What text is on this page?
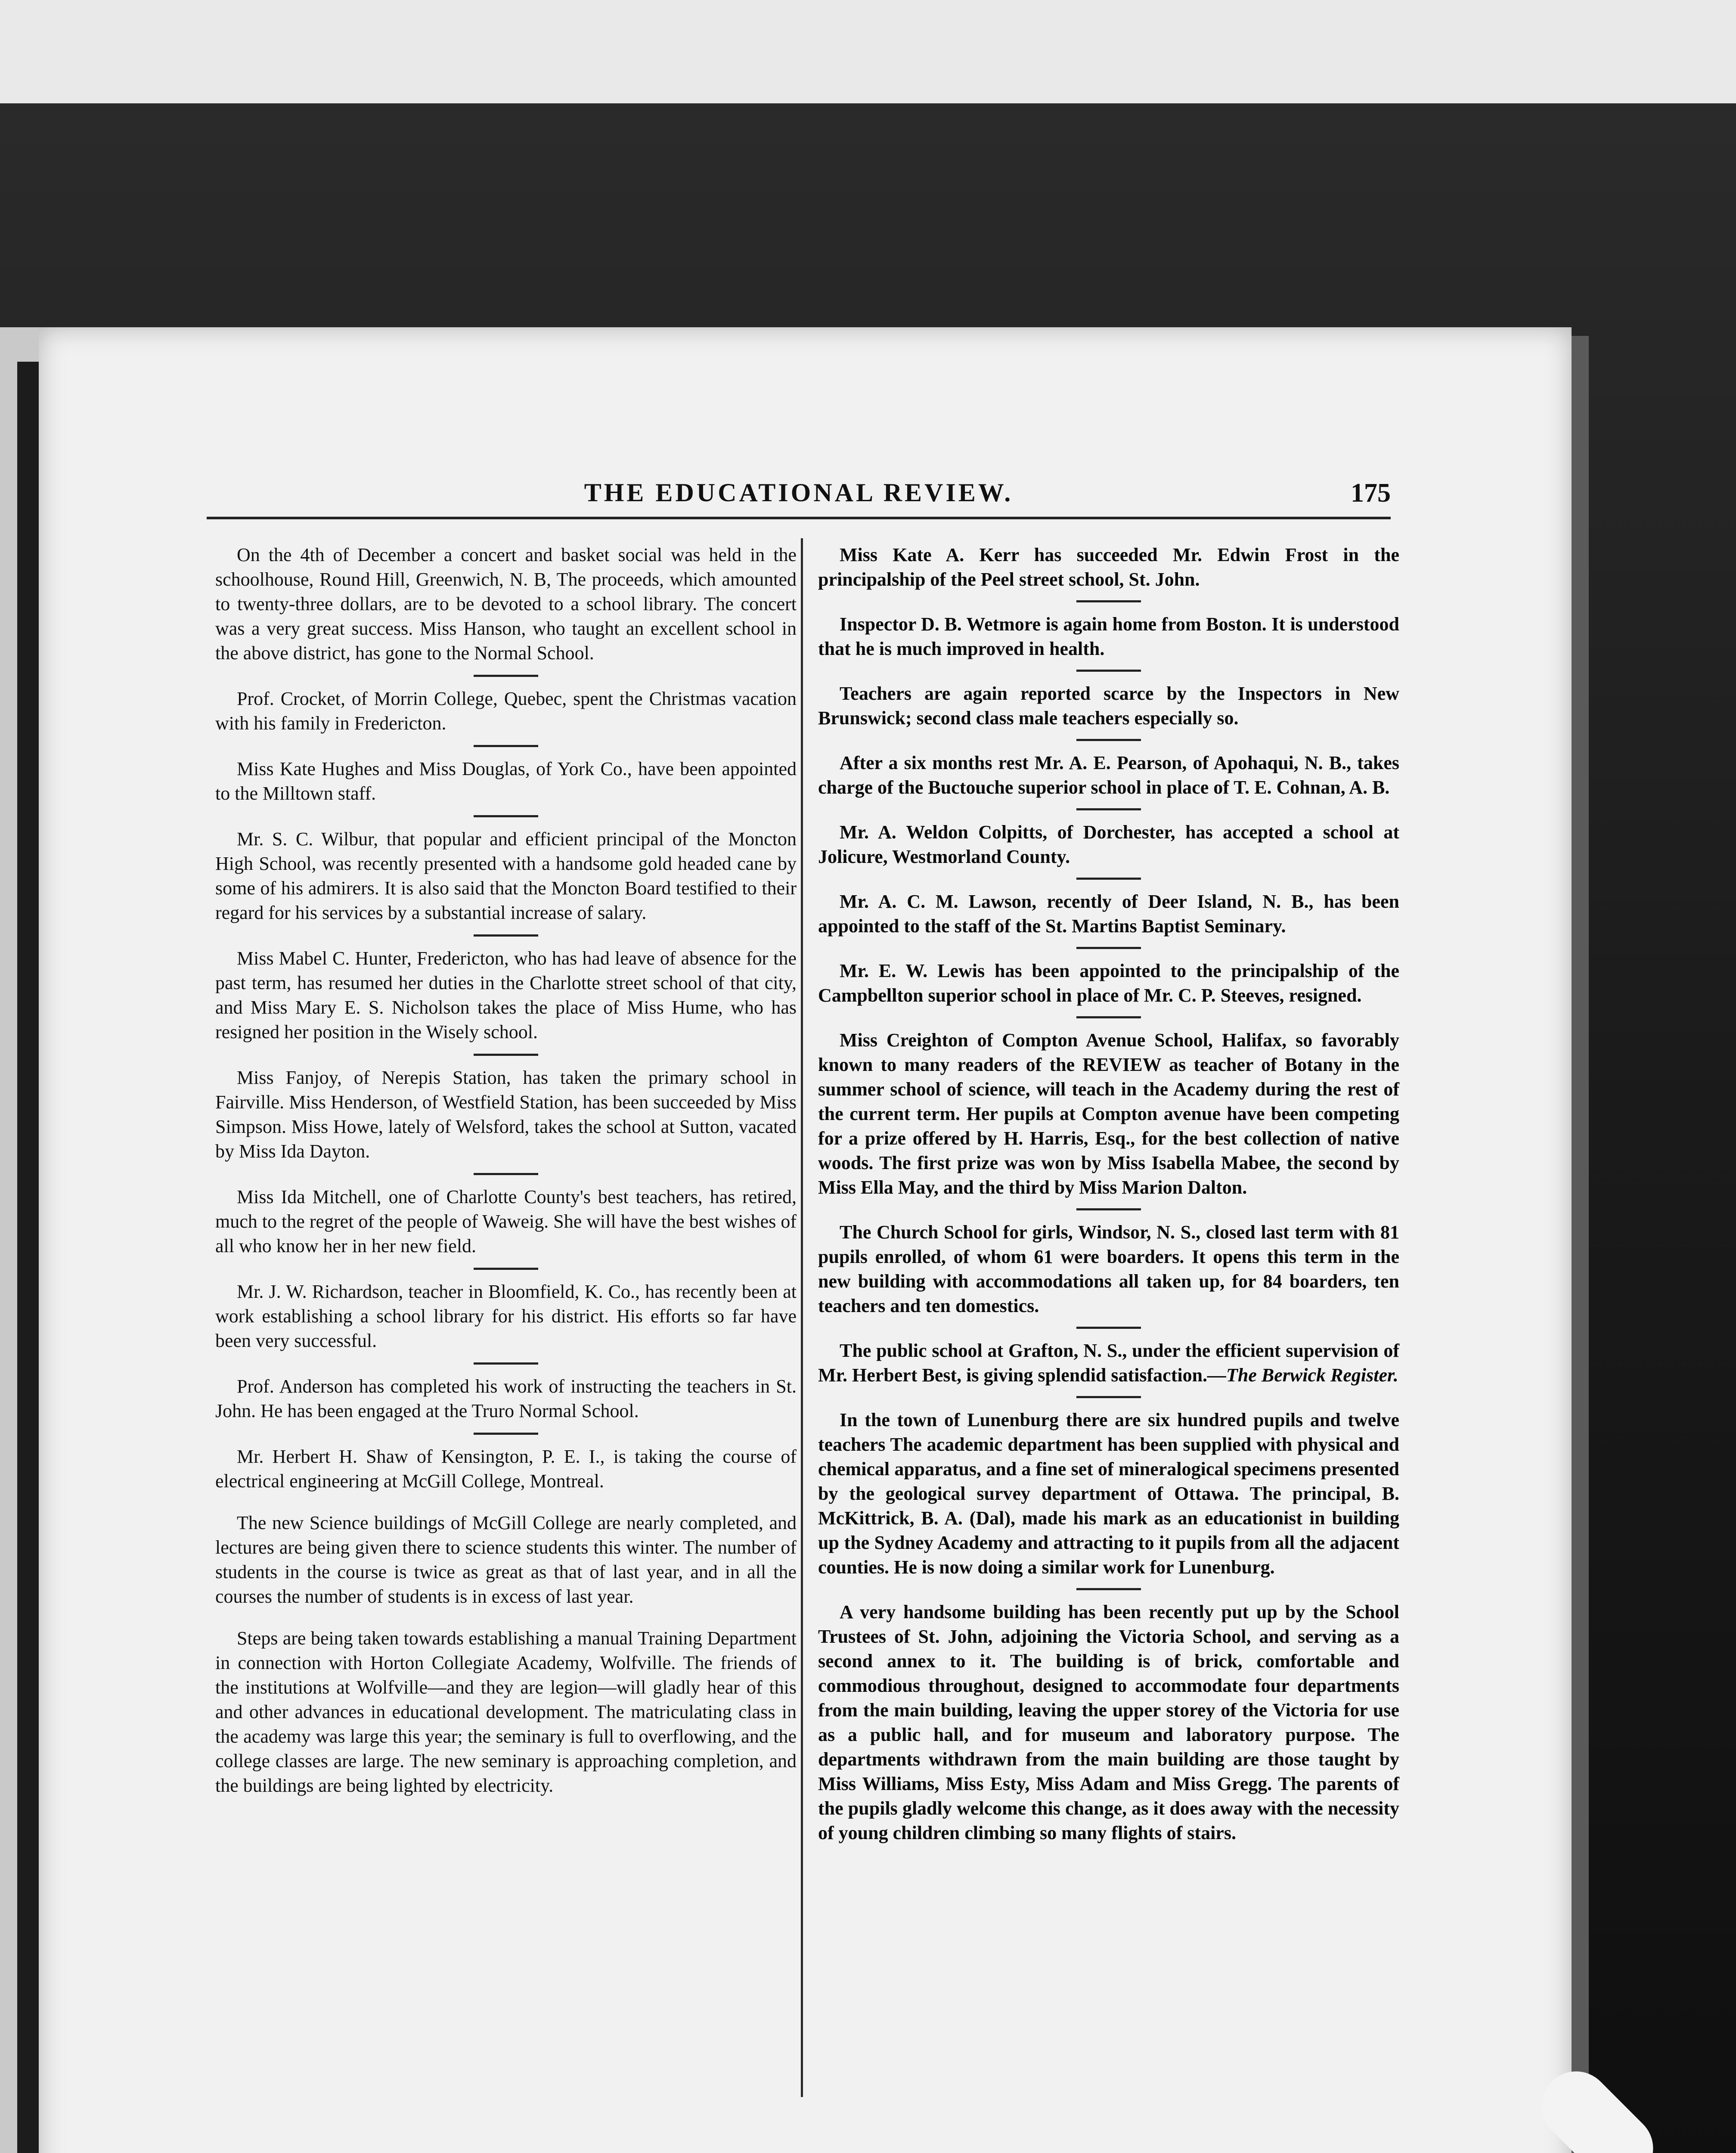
THE EDUCATIONAL REVIEW.	175

On the 4th of December a concert and basket social was held in the schoolhouse, Round Hill, Greenwich, N. B, The proceeds, which amounted to twenty-three dollars, are to be devoted to a school library. The concert was a very great success. Miss Hanson, who taught an excellent school in the above district, has gone to the Normal School.

Prof. Crocket, of Morrin College, Quebec, spent the Christmas vacation with his family in Fredericton.

Miss Kate Hughes and Miss Douglas, of York Co., have been appointed to the Milltown staff.

Mr. S. C. Wilbur, that popular and efficient principal of the Moncton High School, was recently presented with a handsome gold headed cane by some of his admirers. It is also said that the Moncton Board testified to their regard for his services by a substantial increase of salary.

Miss Mabel C. Hunter, Fredericton, who has had leave of absence for the past term, has resumed her duties in the Charlotte street school of that city, and Miss Mary E. S. Nicholson takes the place of Miss Hume, who has resigned her position in the Wisely school.

Miss Fanjoy, of Nerepis Station, has taken the primary school in Fairville. Miss Henderson, of Westfield Station, has been succeeded by Miss Simpson. Miss Howe, lately of Welsford, takes the school at Sutton, vacated by Miss Ida Dayton.

Miss Ida Mitchell, one of Charlotte County's best teachers, has retired, much to the regret of the people of Waweig. She will have the best wishes of all who know her in her new field.

Mr. J. W. Richardson, teacher in Bloomfield, K. Co., has recently been at work establishing a school library for his district. His efforts so far have been very successful.

Prof. Anderson has completed his work of instructing the teachers in St. John. He has been engaged at the Truro Normal School.

Mr. Herbert H. Shaw of Kensington, P. E. I., is taking the course of electrical engineering at McGill College, Montreal.

The new Science buildings of McGill College are nearly completed, and lectures are being given there to science students this winter. The number of students in the course is twice as great as that of last year, and in all the courses the number of students is in excess of last year.

Steps are being taken towards establishing a manual Training Department in connection with Horton Collegiate Academy, Wolfville. The friends of the institutions at Wolfville—and they are legion—will gladly hear of this and other advances in educational development. The matriculating class in the academy was large this year; the seminary is full to overflowing, and the college classes are large. The new seminary is approaching completion, and the buildings are being lighted by electricity.

Miss Kate A. Kerr has succeeded Mr. Edwin Frost in the principalship of the Peel street school, St. John.

Inspector D. B. Wetmore is again home from Boston. It is understood that he is much improved in health.

Teachers are again reported scarce by the Inspectors in New Brunswick; second class male teachers especially so.

After a six months rest Mr. A. E. Pearson, of Apohaqui, N. B., takes charge of the Buctouche superior school in place of T. E. Cohnan, A. B.

Mr. A. Weldon Colpitts, of Dorchester, has accepted a school at Jolicure, Westmorland County.

Mr. A. C. M. Lawson, recently of Deer Island, N. B., has been appointed to the staff of the St. Martins Baptist Seminary.

Mr. E. W. Lewis has been appointed to the principalship of the Campbellton superior school in place of Mr. C. P. Steeves, resigned.

Miss Creighton of Compton Avenue School, Halifax, so favorably known to many readers of the REVIEW as teacher of Botany in the summer school of science, will teach in the Academy during the rest of the current term. Her pupils at Compton avenue have been competing for a prize offered by H. Harris, Esq., for the best collection of native woods. The first prize was won by Miss Isabella Mabee, the second by Miss Ella May, and the third by Miss Marion Dalton.

The Church School for girls, Windsor, N. S., closed last term with 81 pupils enrolled, of whom 61 were boarders. It opens this term in the new building with accommodations all taken up, for 84 boarders, ten teachers and ten domestics.

The public school at Grafton, N. S., under the efficient supervision of Mr. Herbert Best, is giving splendid satisfaction.—The Berwick Register.

In the town of Lunenburg there are six hundred pupils and twelve teachers The academic department has been supplied with physical and chemical apparatus, and a fine set of mineralogical specimens presented by the geological survey department of Ottawa. The principal, B. McKittrick, B. A. (Dal), made his mark as an educationist in building up the Sydney Academy and attracting to it pupils from all the adjacent counties. He is now doing a similar work for Lunenburg.

A very handsome building has been recently put up by the School Trustees of St. John, adjoining the Victoria School, and serving as a second annex to it. The building is of brick, comfortable and commodious throughout, designed to accommodate four departments from the main building, leaving the upper storey of the Victoria for use as a public hall, and for museum and laboratory purpose. The departments withdrawn from the main building are those taught by Miss Williams, Miss Esty, Miss Adam and Miss Gregg. The parents of the pupils gladly welcome this change, as it does away with the necessity of young children climbing so many flights of stairs.
